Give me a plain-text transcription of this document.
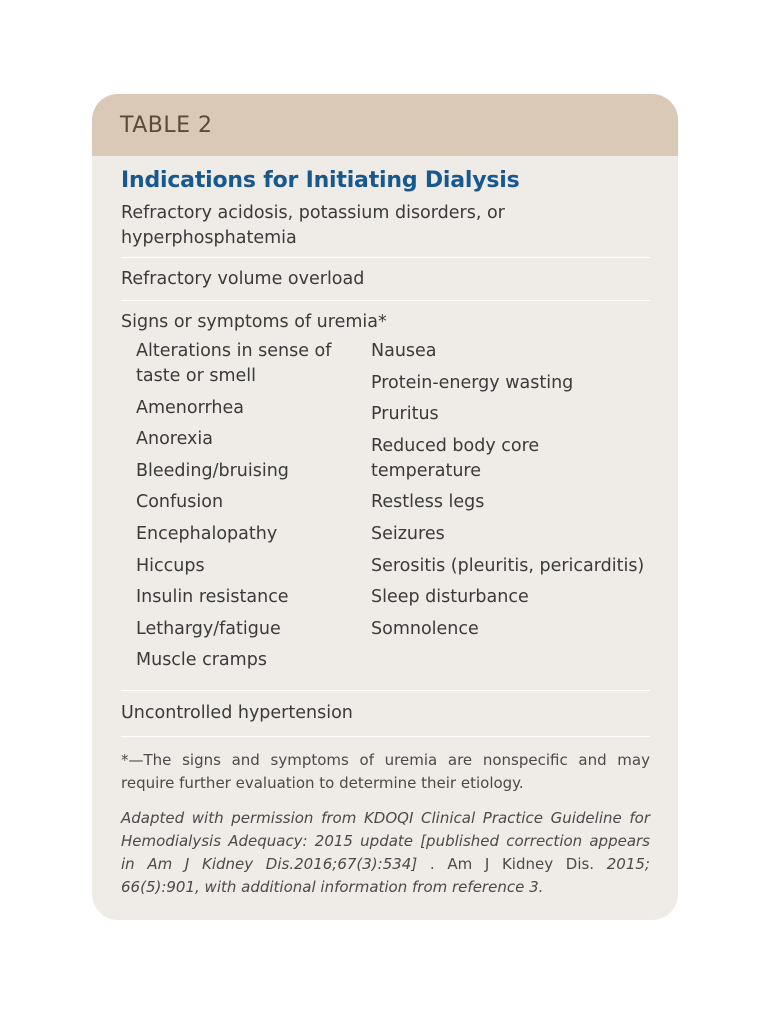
TABLE 2
Indications for Initiating Dialysis
Refractory acidosis, potassium disorders, or hyperphosphatemia
Refractory volume overload
Signs or symptoms of uremia*
Alterations in sense of taste or smell
Amenorrhea
Anorexia
Bleeding/bruising
Confusion
Encephalopathy
Hiccups
Insulin resistance
Lethargy/fatigue
Muscle cramps
Nausea
Protein-energy wasting
Pruritus
Reduced body core temperature
Restless legs
Seizures
Serositis (pleuritis, pericarditis)
Sleep disturbance
Somnolence
Uncontrolled hypertension
*—The signs and symptoms of uremia are nonspecific and may require further evaluation to determine their etiology.
Adapted with permission from KDOQI Clinical Practice Guideline for Hemodialysis Adequacy: 2015 update [published correction appears in Am J Kidney Dis.2016;67(3):534] . Am J Kidney Dis. 2015; 66(5):901, with additional information from reference 3.
